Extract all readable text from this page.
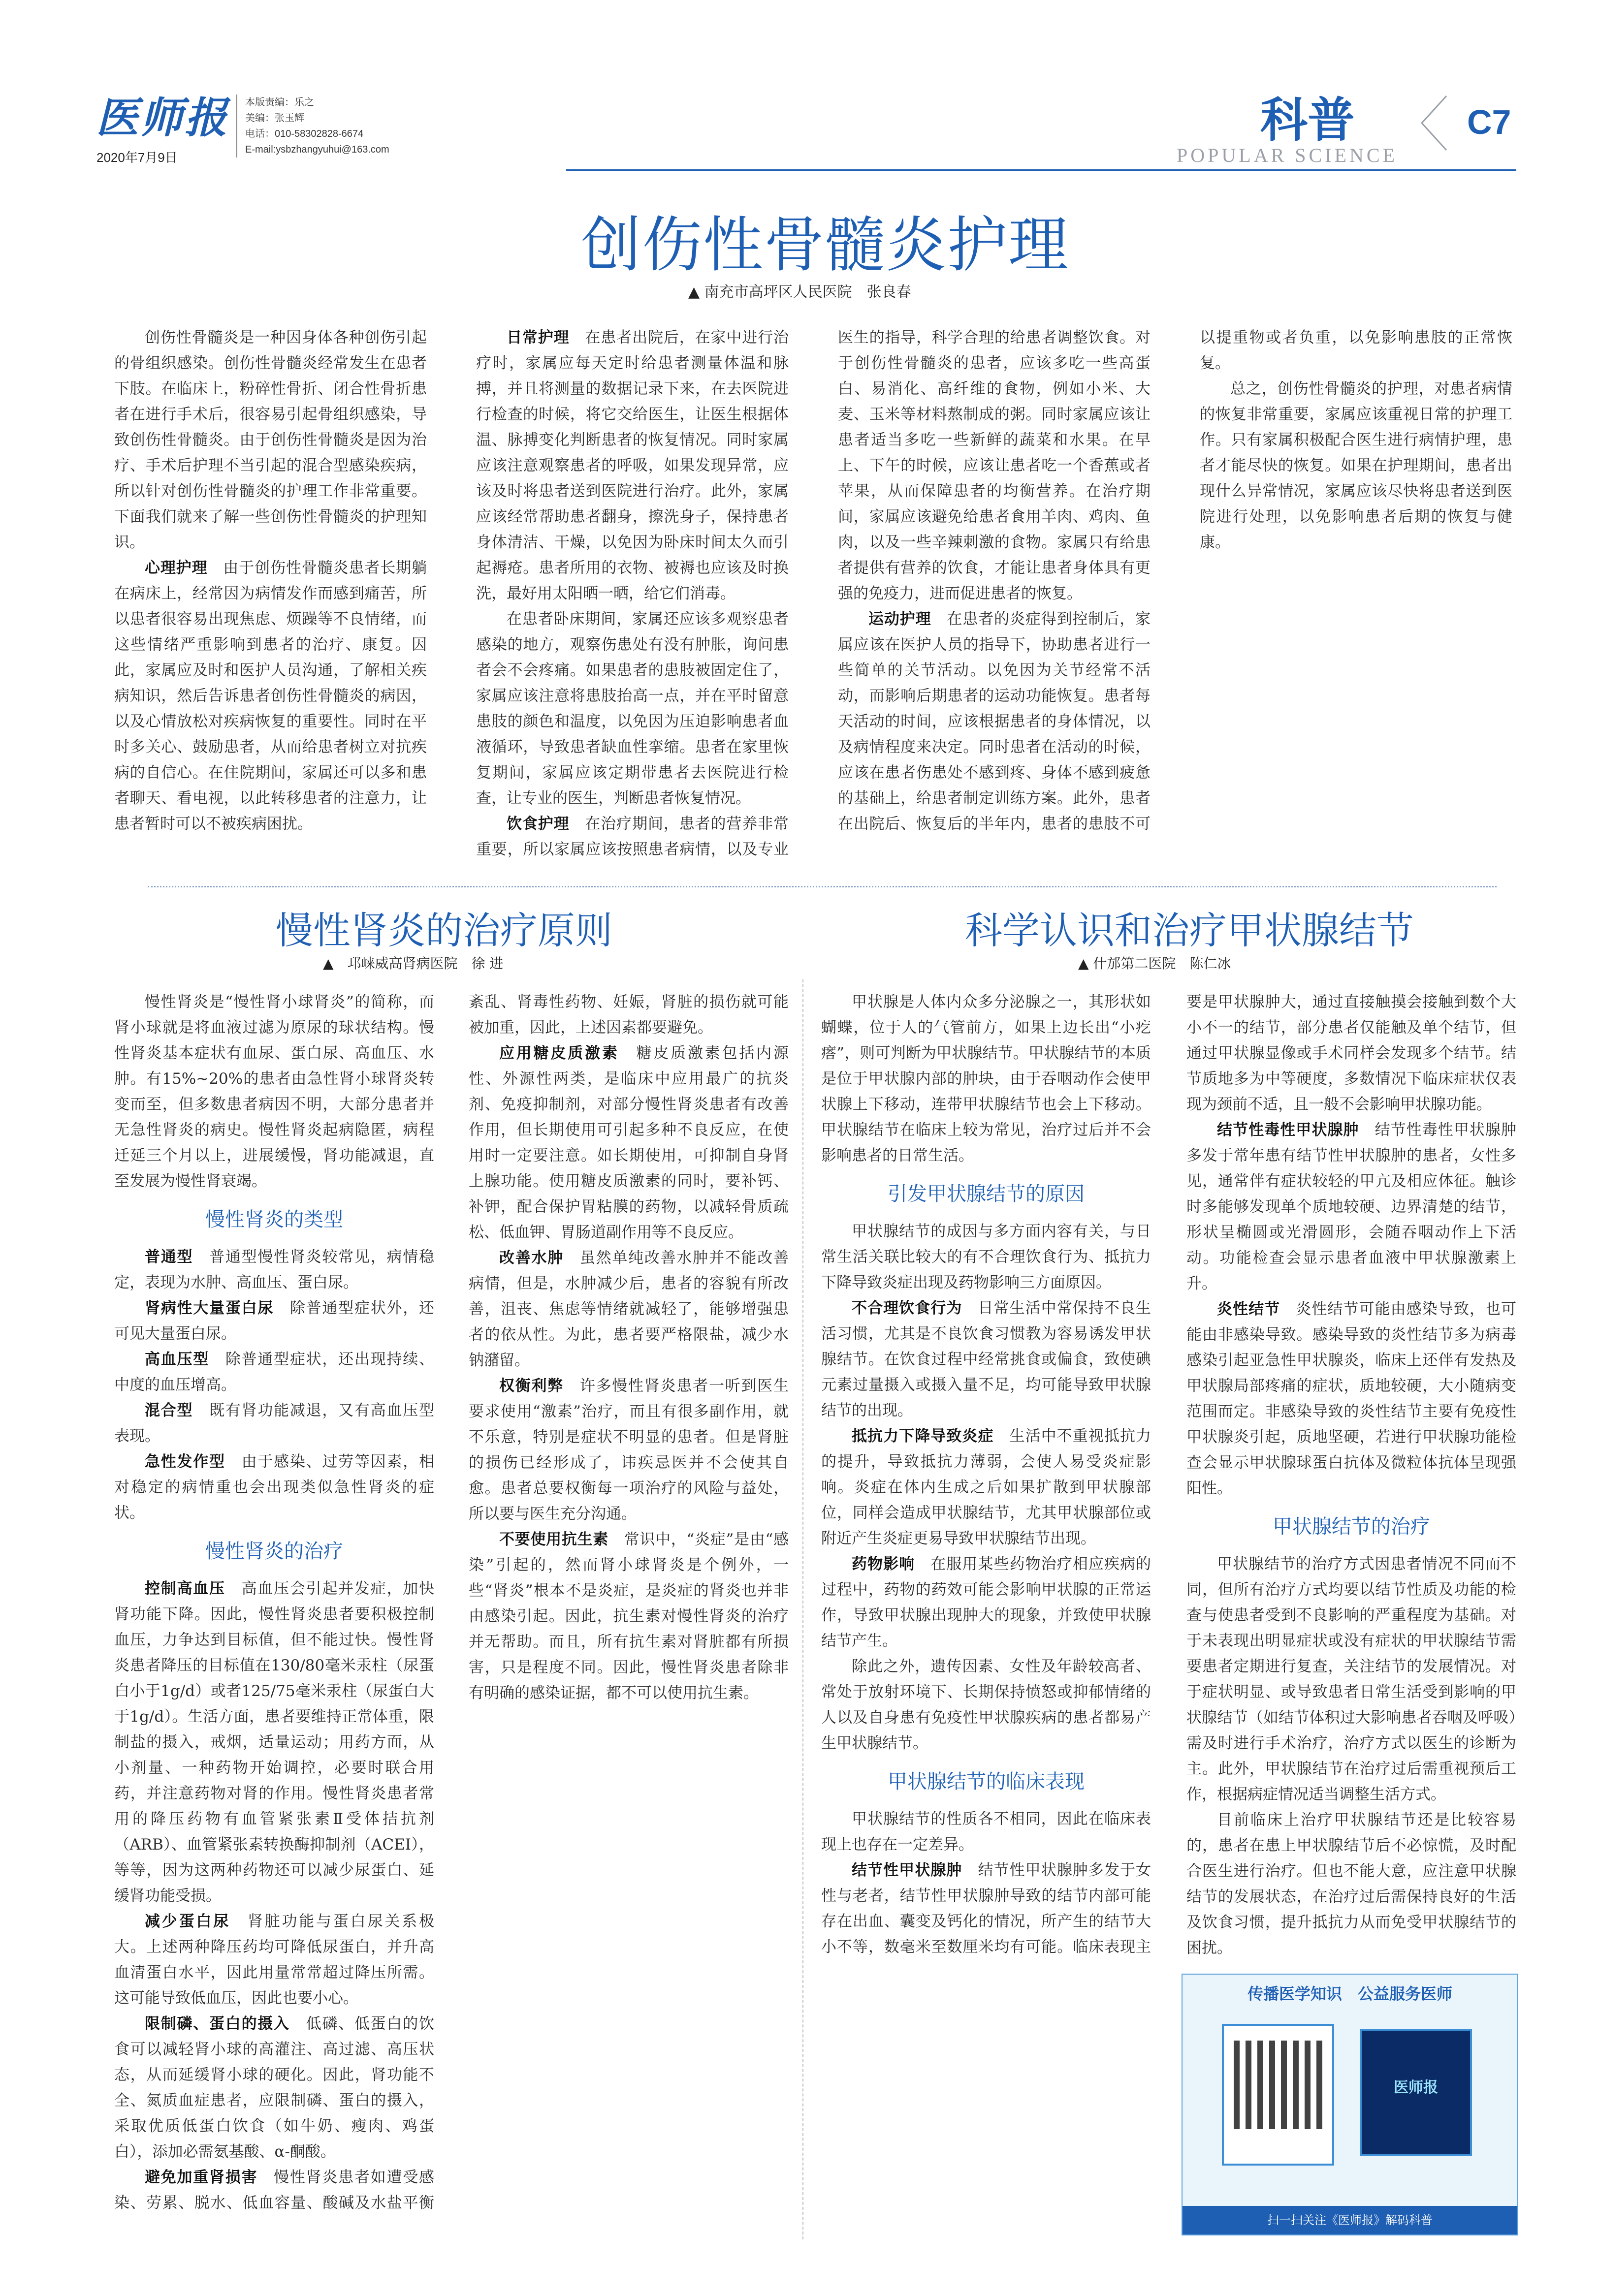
医师报
2020年7月9日
本版责编：乐之
美编：张玉辉
电话：010-58302828-6674
E-mail:ysbzhangyuhui@163.com
科普	C7
POPULAR SCIENCE
创伤性骨髓炎护理
▲ 南充市高坪区人民医院　张良春

创伤性骨髓炎是一种因身体各种创伤引起的骨组织感染。创伤性骨髓炎经常发生在患者下肢。在临床上，粉碎性骨折、闭合性骨折患者在进行手术后，很容易引起骨组织感染，导致创伤性骨髓炎。由于创伤性骨髓炎是因为治疗、手术后护理不当引起的混合型感染疾病，所以针对创伤性骨髓炎的护理工作非常重要。下面我们就来了解一些创伤性骨髓炎的护理知识。

心理护理　 由于创伤性骨髓炎患者长期躺在病床上，经常因为病情发作而感到痛苦，所以患者很容易出现焦虑、烦躁等不良情绪，而这些情绪严重影响到患者的治疗、康复。因此，家属应及时和医护人员沟通，了解相关疾病知识，然后告诉患者创伤性骨髓炎的病因，以及心情放松对疾病恢复的重要性。同时在平时多关心、鼓励患者，从而给患者树立对抗疾病的自信心。在住院期间，家属还可以多和患者聊天、看电视，以此转移患者的注意力，让患者暂时可以不被疾病困扰。

日常护理　 在患者出院后，在家中进行治疗时，家属应每天定时给患者测量体温和脉搏，并且将测量的数据记录下来，在去医院进行检查的时候，将它交给医生，让医生根据体温、脉搏变化判断患者的恢复情况。同时家属应该注意观察患者的呼吸，如果发现异常，应该及时将患者送到医院进行治疗。此外，家属应该经常帮助患者翻身，擦洗身子，保持患者身体清洁、干燥，以免因为卧床时间太久而引起褥疮。患者所用的衣物、被褥也应该及时换洗，最好用太阳晒一晒，给它们消毒。

在患者卧床期间，家属还应该多观察患者感染的地方，观察伤患处有没有肿胀，询问患者会不会疼痛。如果患者的患肢被固定住了，家属应该注意将患肢抬高一点，并在平时留意患肢的颜色和温度，以免因为压迫影响患者血液循环，导致患者缺血性挛缩。患者在家里恢复期间，家属应该定期带患者去医院进行检查，让专业的医生，判断患者恢复情况。

饮食护理　 在治疗期间，患者的营养非常重要，所以家属应该按照患者病情，以及专业医生的指导，科学合理的给患者调整饮食。对于创伤性骨髓炎的患者，应该多吃一些高蛋白、易消化、高纤维的食物，例如小米、大麦、玉米等材料熬制成的粥。同时家属应该让患者适当多吃一些新鲜的蔬菜和水果。在早上、下午的时候，应该让患者吃一个香蕉或者苹果，从而保障患者的均衡营养。在治疗期间，家属应该避免给患者食用羊肉、鸡肉、鱼肉，以及一些辛辣刺激的食物。家属只有给患者提供有营养的饮食，才能让患者身体具有更强的免疫力，进而促进患者的恢复。

运动护理　 在患者的炎症得到控制后，家属应该在医护人员的指导下，协助患者进行一些简单的关节活动。以免因为关节经常不活动，而影响后期患者的运动功能恢复。患者每天活动的时间，应该根据患者的身体情况，以及病情程度来决定。同时患者在活动的时候，应该在患者伤患处不感到疼、身体不感到疲惫的基础上，给患者制定训练方案。此外，患者在出院后、恢复后的半年内，患者的患肢不可以提重物或者负重，以免影响患肢的正常恢复。

总之，创伤性骨髓炎的护理，对患者病情的恢复非常重要，家属应该重视日常的护理工作。只有家属积极配合医生进行病情护理，患者才能尽快的恢复。如果在护理期间，患者出现什么异常情况，家属应该尽快将患者送到医院进行处理，以免影响患者后期的恢复与健康。

慢性肾炎的治疗原则
▲　邛崃威高肾病医院　徐 进

慢性肾炎是“慢性肾小球肾炎”的简称，而肾小球就是将血液过滤为原尿的球状结构。慢性肾炎基本症状有血尿、蛋白尿、高血压、水肿。有15%~20%的患者由急性肾小球肾炎转变而至，但多数患者病因不明，大部分患者并无急性肾炎的病史。慢性肾炎起病隐匿，病程迁延三个月以上，进展缓慢，肾功能减退，直至发展为慢性肾衰竭。

慢性肾炎的类型

普通型　 普通型慢性肾炎较常见，病情稳定，表现为水肿、高血压、蛋白尿。

肾病性大量蛋白尿　 除普通型症状外，还可见大量蛋白尿。

高血压型　 除普通型症状，还出现持续、中度的血压增高。

混合型　 既有肾功能减退，又有高血压型表现。

急性发作型　 由于感染、过劳等因素，相对稳定的病情重也会出现类似急性肾炎的症状。

慢性肾炎的治疗

控制高血压　 高血压会引起并发症，加快肾功能下降。因此，慢性肾炎患者要积极控制血压，力争达到目标值，但不能过快。慢性肾炎患者降压的目标值在130/80毫米汞柱（尿蛋白小于1g/d）或者125/75毫米汞柱（尿蛋白大于1g/d）。生活方面，患者要维持正常体重，限制盐的摄入，戒烟，适量运动；用药方面，从小剂量、一种药物开始调控，必要时联合用药，并注意药物对肾的作用。慢性肾炎患者常用的降压药物有血管紧张素Ⅱ受体拮抗剂（ARB）、血管紧张素转换酶抑制剂（ACEI），等等，因为这两种药物还可以减少尿蛋白、延缓肾功能受损。

减少蛋白尿　 肾脏功能与蛋白尿关系极大。上述两种降压药均可降低尿蛋白，并升高血清蛋白水平，因此用量常常超过降压所需。这可能导致低血压，因此也要小心。

限制磷、蛋白的摄入　 低磷、低蛋白的饮食可以减轻肾小球的高灌注、高过滤、高压状态，从而延缓肾小球的硬化。因此，肾功能不全、氮质血症患者，应限制磷、蛋白的摄入，采取优质低蛋白饮食（如牛奶、瘦肉、鸡蛋白），添加必需氨基酸、α-酮酸。

避免加重肾损害　 慢性肾炎患者如遭受感染、劳累、脱水、低血容量、酸碱及水盐平衡紊乱、肾毒性药物、妊娠，肾脏的损伤就可能被加重，因此，上述因素都要避免。

应用糖皮质激素　 糖皮质激素包括内源性、外源性两类，是临床中应用最广的抗炎剂、免疫抑制剂，对部分慢性肾炎患者有改善作用，但长期使用可引起多种不良反应，在使用时一定要注意。如长期使用，可抑制自身肾上腺功能。使用糖皮质激素的同时，要补钙、补钾，配合保护胃粘膜的药物，以减轻骨质疏松、低血钾、胃肠道副作用等不良反应。

改善水肿　 虽然单纯改善水肿并不能改善病情，但是，水肿减少后，患者的容貌有所改善，沮丧、焦虑等情绪就减轻了，能够增强患者的依从性。为此，患者要严格限盐，减少水钠潴留。

权衡利弊　 许多慢性肾炎患者一听到医生要求使用“激素”治疗，而且有很多副作用，就不乐意，特别是症状不明显的患者。但是肾脏的损伤已经形成了，讳疾忌医并不会使其自愈。患者总要权衡每一项治疗的风险与益处，所以要与医生充分沟通。

不要使用抗生素　 常识中，“炎症”是由“感染”引起的，然而肾小球肾炎是个例外，一些“肾炎”根本不是炎症，是炎症的肾炎也并非由感染引起。因此，抗生素对慢性肾炎的治疗并无帮助。而且，所有抗生素对肾脏都有所损害，只是程度不同。因此，慢性肾炎患者除非有明确的感染证据，都不可以使用抗生素。

科学认识和治疗甲状腺结节
▲ 什邡第二医院　陈仁冰

甲状腺是人体内众多分泌腺之一，其形状如蝴蝶，位于人的气管前方，如果上边长出“小疙瘩”，则可判断为甲状腺结节。甲状腺结节的本质是位于甲状腺内部的肿块，由于吞咽动作会使甲状腺上下移动，连带甲状腺结节也会上下移动。甲状腺结节在临床上较为常见，治疗过后并不会影响患者的日常生活。

引发甲状腺结节的原因

甲状腺结节的成因与多方面内容有关，与日常生活关联比较大的有不合理饮食行为、抵抗力下降导致炎症出现及药物影响三方面原因。

不合理饮食行为　 日常生活中常保持不良生活习惯，尤其是不良饮食习惯教为容易诱发甲状腺结节。在饮食过程中经常挑食或偏食，致使碘元素过量摄入或摄入量不足，均可能导致甲状腺结节的出现。

抵抗力下降导致炎症　 生活中不重视抵抗力的提升，导致抵抗力薄弱，会使人易受炎症影响。炎症在体内生成之后如果扩散到甲状腺部位，同样会造成甲状腺结节，尤其甲状腺部位或附近产生炎症更易导致甲状腺结节出现。

药物影响　 在服用某些药物治疗相应疾病的过程中，药物的药效可能会影响甲状腺的正常运作，导致甲状腺出现肿大的现象，并致使甲状腺结节产生。

除此之外，遗传因素、女性及年龄较高者、常处于放射环境下、长期保持愤怒或抑郁情绪的人以及自身患有免疫性甲状腺疾病的患者都易产生甲状腺结节。

甲状腺结节的临床表现

甲状腺结节的性质各不相同，因此在临床表现上也存在一定差异。

结节性甲状腺肿　 结节性甲状腺肿多发于女性与老者，结节性甲状腺肿导致的结节内部可能存在出血、囊变及钙化的情况，所产生的结节大小不等，数毫米至数厘米均有可能。临床表现主要是甲状腺肿大，通过直接触摸会接触到数个大小不一的结节，部分患者仅能触及单个结节，但通过甲状腺显像或手术同样会发现多个结节。结节质地多为中等硬度，多数情况下临床症状仅表现为颈前不适，且一般不会影响甲状腺功能。

结节性毒性甲状腺肿　 结节性毒性甲状腺肿多发于常年患有结节性甲状腺肿的患者，女性多见，通常伴有症状较轻的甲亢及相应体征。触诊时多能够发现单个质地较硬、边界清楚的结节，形状呈椭圆或光滑圆形，会随吞咽动作上下活动。功能检查会显示患者血液中甲状腺激素上升。

炎性结节　 炎性结节可能由感染导致，也可能由非感染导致。感染导致的炎性结节多为病毒感染引起亚急性甲状腺炎，临床上还伴有发热及甲状腺局部疼痛的症状，质地较硬，大小随病变范围而定。非感染导致的炎性结节主要有免疫性甲状腺炎引起，质地坚硬，若进行甲状腺功能检查会显示甲状腺球蛋白抗体及微粒体抗体呈现强阳性。

甲状腺结节的治疗

甲状腺结节的治疗方式因患者情况不同而不同，但所有治疗方式均要以结节性质及功能的检查与使患者受到不良影响的严重程度为基础。对于未表现出明显症状或没有症状的甲状腺结节需要患者定期进行复查，关注结节的发展情况。对于症状明显、或导致患者日常生活受到影响的甲状腺结节（如结节体积过大影响患者吞咽及呼吸）需及时进行手术治疗，治疗方式以医生的诊断为主。此外，甲状腺结节在治疗过后需重视预后工作，根据病症情况适当调整生活方式。

目前临床上治疗甲状腺结节还是比较容易的，患者在患上甲状腺结节后不必惊慌，及时配合医生进行治疗。但也不能大意，应注意甲状腺结节的发展状态，在治疗过后需保持良好的生活及饮食习惯，提升抵抗力从而免受甲状腺结节的困扰。

传播医学知识　公益服务医师
医师报
扫一扫关注《医师报》解码科普
